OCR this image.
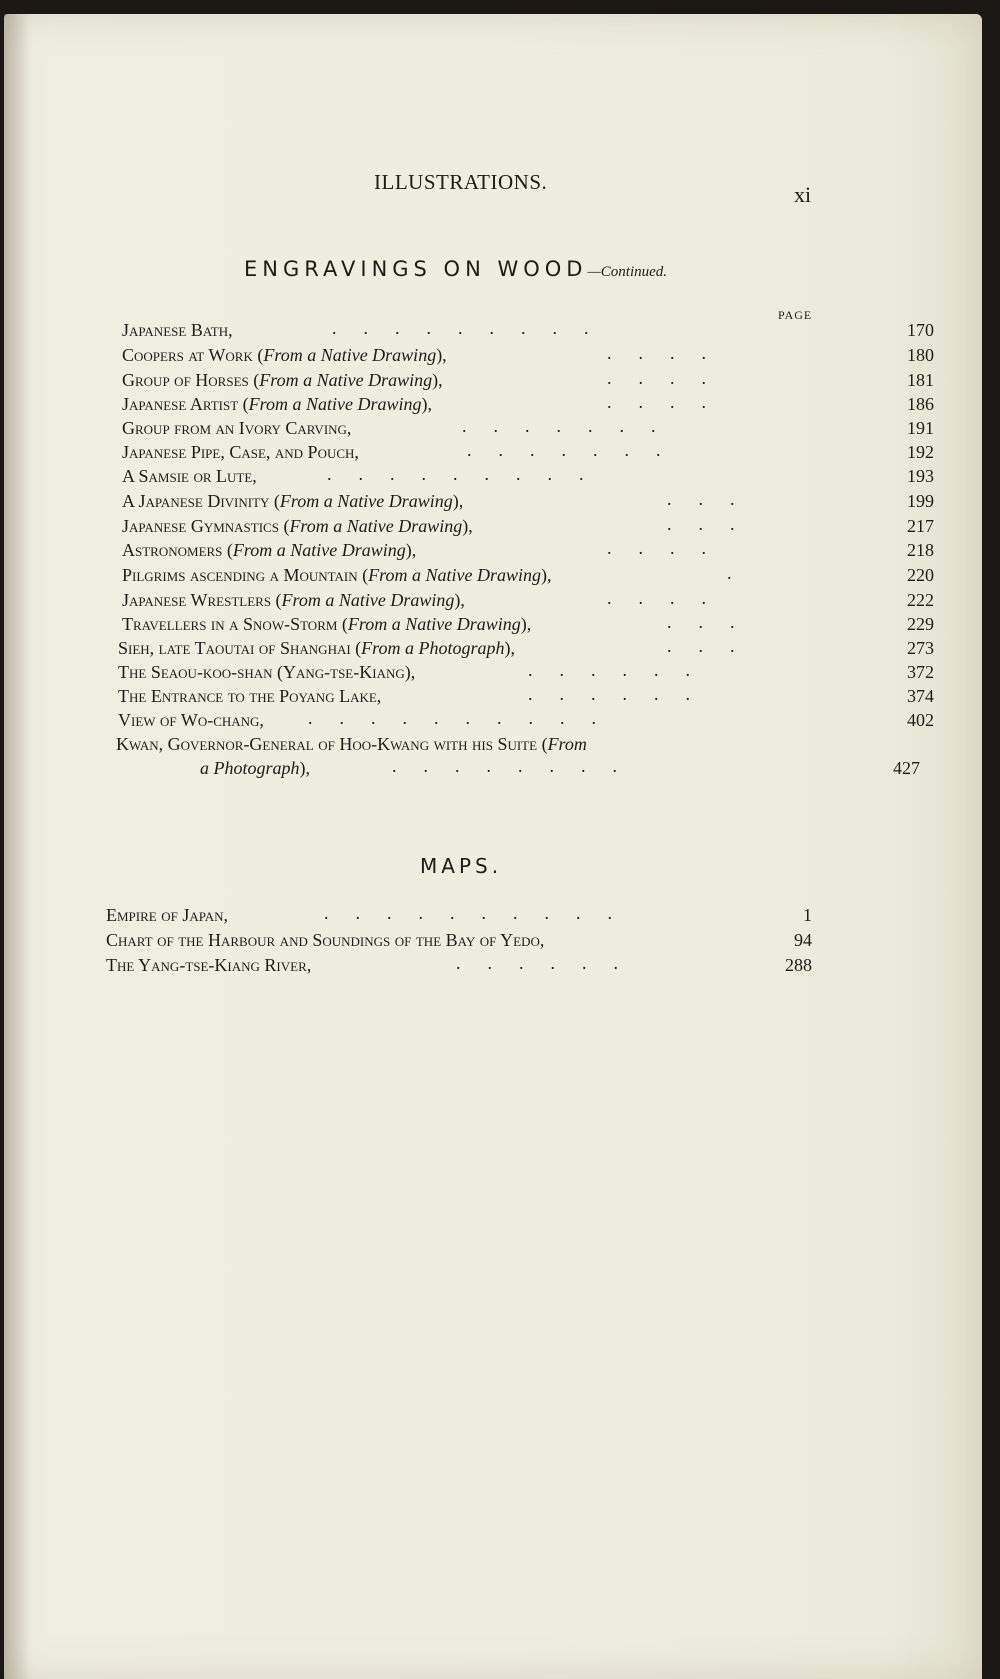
ILLUSTRATIONS.	xi
ENGRAVINGS ON WOOD—Continued.
PAGE
Japanese Bath,	.      .      .      .      .      .      .      .      .	170
Coopers at Work (From a Native Drawing),	.      .      .      .	180
Group of Horses (From a Native Drawing),	.      .      .      .	181
Japanese Artist (From a Native Drawing),	.      .      .      .	186
Group from an Ivory Carving,	.      .      .      .      .      .      .	191
Japanese Pipe, Case, and Pouch,	.      .      .      .      .      .      .	192
A Samsie or Lute,	.      .      .      .      .      .      .      .      .	193
A Japanese Divinity (From a Native Drawing),	.      .      .	199
Japanese Gymnastics (From a Native Drawing),	.      .      .	217
Astronomers (From a Native Drawing),	.      .      .      .	218
Pilgrims ascending a Mountain (From a Native Drawing),	.	220
Japanese Wrestlers (From a Native Drawing),	.      .      .      .	222
Travellers in a Snow-Storm (From a Native Drawing),	.      .      .	229
Sieh, late Taoutai of Shanghai (From a Photograph),	.      .      .	273
The Seaou-koo-shan (Yang-tse-Kiang),	.      .      .      .      .      .	372
The Entrance to the Poyang Lake,	.      .      .      .      .      .	374
View of Wo-chang, .      .      .      .      .      .      .      .      .      .	402
Kwan, Governor-General of Hoo-Kwang with his Suite (From
a Photograph),	.      .      .      .      .      .      .      .	427
MAPS.
Empire of Japan,	.      .      .      .      .      .      .      .      .      .	1
Chart of the Harbour and Soundings of the Bay of Yedo,	94
The Yang-tse-Kiang River,	.      .      .      .      .      .	288
